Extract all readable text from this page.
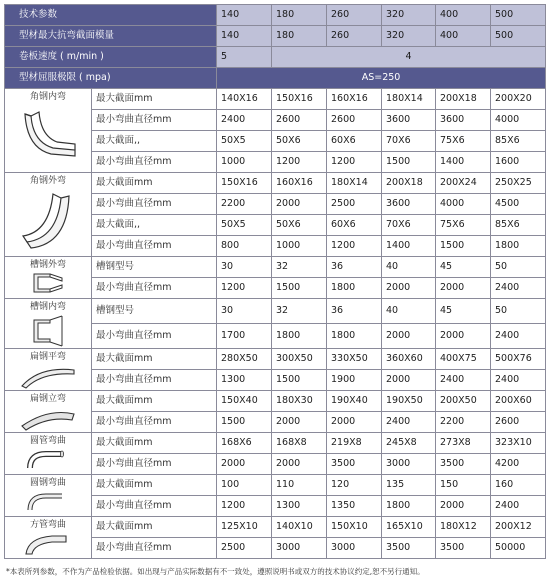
技术参数		140	180	260	320	400	500
型材最大抗弯截面模量		140	180	260	320	400	500
卷板速度 ( m/min )		5	4				
型材屈服极限 ( mpa)		AS=250					

角钢内弯	最大截面mm	140X16	150X16	160X16	180X14	200X18	200X20
	最小弯曲直径mm	2400	2600	2600	3600	3600	4000
	最大截面,,	50X5	50X6	60X6	70X6	75X6	85X6
	最小弯曲直径mm	1000	1200	1200	1500	1400	1600

角钢外弯	最大截面mm	150X16	160X16	180X14	200X18	200X24	250X25
	最小弯曲直径mm	2200	2000	2500	3600	4000	4500
	最大截面,,	50X5	50X6	60X6	70X6	75X6	85X6
	最小弯曲直径mm	800	1000	1200	1400	1500	1800

槽钢外弯	槽钢型号	30	32	36	40	45	50
	最小弯曲直径mm	1200	1500	1800	2000	2000	2400

槽钢内弯	槽钢型号	30	32	36	40	45	50
	最小弯曲直径mm	1700	1800	1800	2000	2000	2400

扁钢平弯	最大截面mm	280X50	300X50	330X50	360X60	400X75	500X76
	最小弯曲直径mm	1300	1500	1900	2000	2400	2400

扁钢立弯	最大截面mm	150X40	180X30	190X40	190X50	200X50	200X60
	最小弯曲直径mm	1500	2000	2000	2400	2200	2600

圆管弯曲	最大截面mm	168X6	168X8	219X8	245X8	273X8	323X10
	最小弯曲直径mm	2000	2000	3500	3000	3500	4200

圆钢弯曲	最大截面mm	100	110	120	135	150	160
	最小弯曲直径mm	1200	1300	1350	1800	2000	2400

方管弯曲	最大截面mm	125X10	140X10	150X10	165X10	180X12	200X12
	最小弯曲直径mm	2500	3000	3000	3500	3500	50000
*本表所列参数，不作为产品检验依据。如出现与产品实际数据有不一致处，遵照说明书或双方的技术协议约定,恕不另行通知。
